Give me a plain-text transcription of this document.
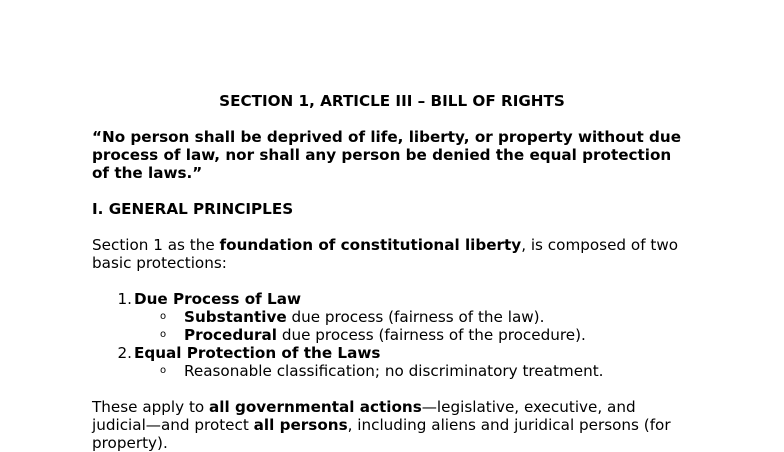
SECTION 1, ARTICLE III – BILL OF RIGHTS
“No person shall be deprived of life, liberty, or property without due
process of law, nor shall any person be denied the equal protection
of the laws.”
I. GENERAL PRINCIPLES
Section 1 as the foundation of constitutional liberty, is composed of two
basic protections:
1. Due Process of Law
o Substantive due process (fairness of the law).
o Procedural due process (fairness of the procedure).
2. Equal Protection of the Laws
o Reasonable classification; no discriminatory treatment.
These apply to all governmental actions—legislative, executive, and
judicial—and protect all persons, including aliens and juridical persons (for
property).
